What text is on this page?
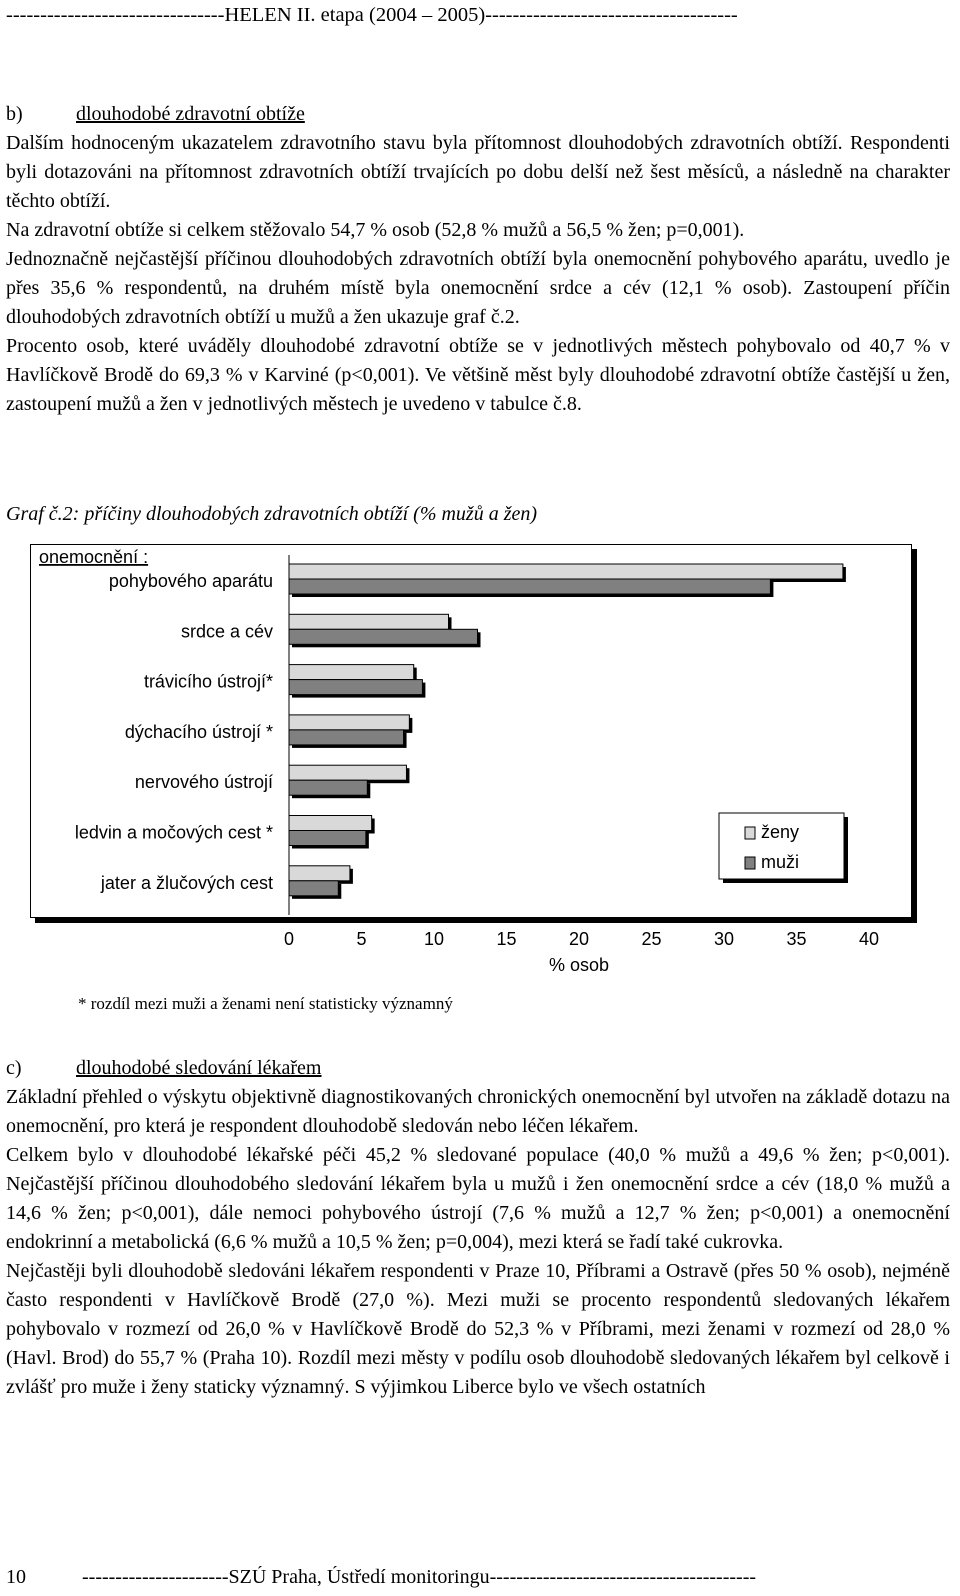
--------------------------------HELEN II. etapa (2004 – 2005)-------------------------------------
b)	dlouhodobé zdravotní obtíže

Dalším hodnoceným ukazatelem zdravotního stavu byla přítomnost dlouhodobých zdravotních obtíží. Respondenti byli dotazováni na přítomnost zdravotních obtíží trvajících po dobu delší než šest měsíců, a následně na charakter těchto obtíží.

Na zdravotní obtíže si celkem stěžovalo 54,7 % osob (52,8 % mužů a 56,5 % žen; p=0,001).

Jednoznačně nejčastější příčinou dlouhodobých zdravotních obtíží byla onemocnění pohybového aparátu, uvedlo je přes 35,6 % respondentů, na druhém místě byla onemocnění srdce a cév (12,1 % osob). Zastoupení příčin dlouhodobých zdravotních obtíží u mužů a žen ukazuje graf č.2.

Procento osob, které uváděly dlouhodobé zdravotní obtíže se v jednotlivých městech pohybovalo od 40,7 % v Havlíčkově Brodě do 69,3 % v Karviné (p<0,001). Ve většině měst byly dlouhodobé zdravotní obtíže častější u žen, zastoupení mužů a žen v jednotlivých městech je uvedeno v tabulce č.8.

Graf č.2: příčiny dlouhodobých zdravotních obtíží (% mužů a žen)
onemocnění :
pohybového aparátu
srdce a cév
trávicího ústrojí*
dýchacího ústrojí *
nervového ústrojí
ledvin a močových cest *
jater a žlučových cest
0	5	10	15	20	25	30	35	40
% osob
ženy
muži
* rozdíl mezi muži a ženami není statisticky významný
c)	dlouhodobé sledování lékařem

Základní přehled o výskytu objektivně diagnostikovaných chronických onemocnění byl utvořen na základě dotazu na onemocnění, pro která je respondent dlouhodobě sledován nebo léčen lékařem.

Celkem bylo v dlouhodobé lékařské péči 45,2 % sledované populace (40,0 % mužů a 49,6 % žen; p<0,001). Nejčastější příčinou dlouhodobého sledování lékařem byla u mužů i žen onemocnění srdce a cév (18,0 % mužů a 14,6 % žen; p<0,001), dále nemoci pohybového ústrojí (7,6 % mužů a 12,7 % žen; p<0,001) a onemocnění endokrinní a metabolická (6,6 % mužů a 10,5 % žen; p=0,004), mezi která se řadí také cukrovka.

Nejčastěji byli dlouhodobě sledováni lékařem respondenti v Praze 10, Příbrami a Ostravě (přes 50 % osob), nejméně často respondenti v Havlíčkově Brodě (27,0 %). Mezi muži se procento respondentů sledovaných lékařem pohybovalo v rozmezí od 26,0 % v Havlíčkově Brodě do 52,3 % v Příbrami, mezi ženami v rozmezí od 28,0 % (Havl. Brod) do 55,7 % (Praha 10). Rozdíl mezi městy v podílu osob dlouhodobě sledovaných lékařem byl celkově i zvlášť pro muže i ženy staticky významný. S výjimkou Liberce bylo ve všech ostatních

10	----------------------SZÚ Praha, Ústředí monitoringu----------------------------------------
